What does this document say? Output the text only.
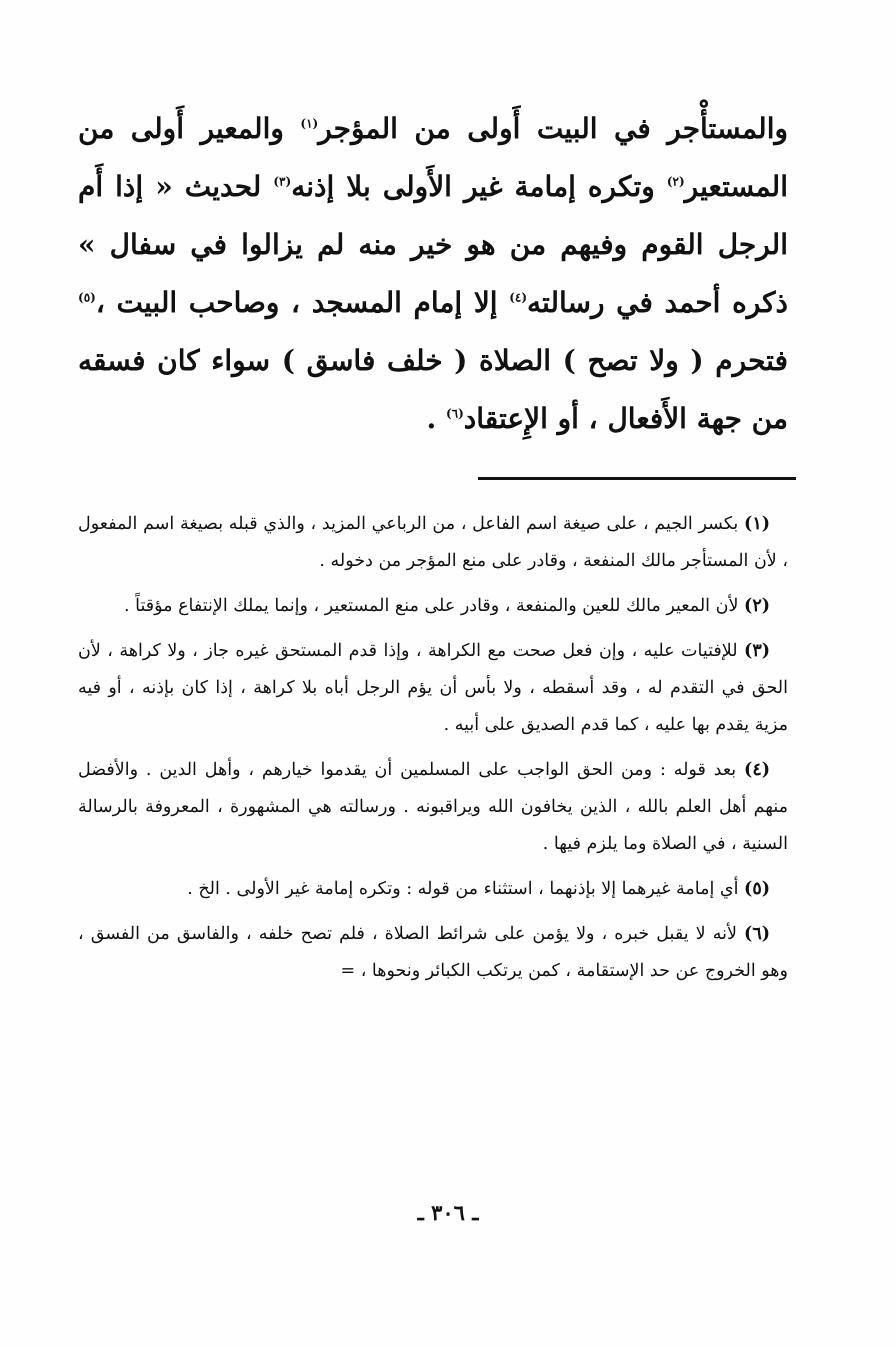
والمستأْجر في البيت أَولى من المؤجر$^{(١)}$ والمعير أَولى من المستعير$^{(٢)}$ وتكره إمامة غير الأَولى بلا إذنه$^{(٣)}$ لحديث « إذا أَم الرجل القوم وفيهم من هو خير منه لم يزالوا في سفال » ذكره أحمد في رسالته$^{(٤)}$ إلا إمام المسجد ، وصاحب البيت ،$^{(٥)}$ فتحرم ( ولا تصح ) الصلاة ( خلف فاسق ) سواء كان فسقه من جهة الأَفعال ، أو الإِعتقاد$^{(٦)}$ .

(١) بكسر الجيم ، على صيغة اسم الفاعل ، من الرباعي المزيد ، والذي قبله بصيغة اسم المفعول ، لأن المستأجر مالك المنفعة ، وقادر على منع المؤجر من دخوله .

(٢) لأن المعير مالك للعين والمنفعة ، وقادر على منع المستعير ، وإنما يملك الإنتفاع مؤقتاً .

(٣) للإفتيات عليه ، وإن فعل صحت مع الكراهة ، وإذا قدم المستحق غيره جاز ، ولا كراهة ، لأن الحق في التقدم له ، وقد أسقطه ، ولا بأس أن يؤم الرجل أباه بلا كراهة ، إذا كان بإذنه ، أو فيه مزية يقدم بها عليه ، كما قدم الصديق على أبيه .

(٤) بعد قوله : ومن الحق الواجب على المسلمين أن يقدموا خيارهم ، وأهل الدين . والأفضل منهم أهل العلم بالله ، الذين يخافون الله ويراقبونه . ورسالته هي المشهورة ، المعروفة بالرسالة السنية ، في الصلاة وما يلزم فيها .

(٥) أي إمامة غيرهما إلا بإذنهما ، استثناء من قوله : وتكره إمامة غير الأولى . الخ .

(٦) لأنه لا يقبل خبره ، ولا يؤمن على شرائط الصلاة ، فلم تصح خلفه ، والفاسق من الفسق ، وهو الخروج عن حد الإستقامة ، كمن يرتكب الكبائر ونحوها ، =

ـ ٣٠٦ ـ
